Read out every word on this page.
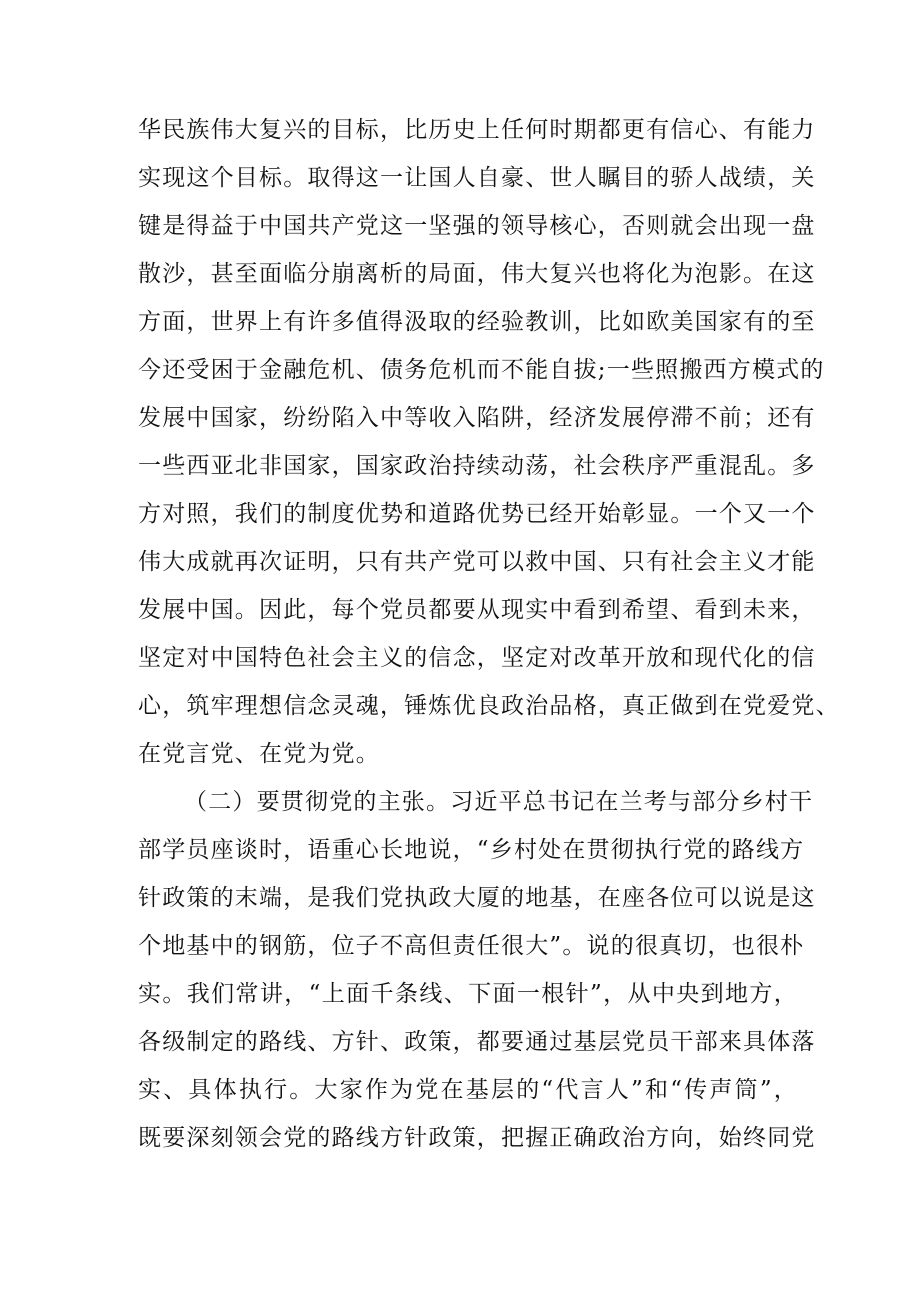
华民族伟大复兴的目标，比历史上任何时期都更有信心、有能力
实现这个目标。取得这一让国人自豪、世人瞩目的骄人战绩，关
键是得益于中国共产党这一坚强的领导核心，否则就会出现一盘
散沙，甚至面临分崩离析的局面，伟大复兴也将化为泡影。在这
方面，世界上有许多值得汲取的经验教训，比如欧美国家有的至
今还受困于金融危机、债务危机而不能自拔;一些照搬西方模式的
发展中国家，纷纷陷入中等收入陷阱，经济发展停滞不前；还有
一些西亚北非国家，国家政治持续动荡，社会秩序严重混乱。多
方对照，我们的制度优势和道路优势已经开始彰显。一个又一个
伟大成就再次证明，只有共产党可以救中国、只有社会主义才能
发展中国。因此，每个党员都要从现实中看到希望、看到未来，
坚定对中国特色社会主义的信念，坚定对改革开放和现代化的信
心，筑牢理想信念灵魂，锤炼优良政治品格，真正做到在党爱党、
在党言党、在党为党。
（二）要贯彻党的主张。习近平总书记在兰考与部分乡村干
部学员座谈时，语重心长地说，“乡村处在贯彻执行党的路线方
针政策的末端，是我们党执政大厦的地基，在座各位可以说是这
个地基中的钢筋，位子不高但责任很大”。说的很真切，也很朴
实。我们常讲，“上面千条线、下面一根针”，从中央到地方，
各级制定的路线、方针、政策，都要通过基层党员干部来具体落
实、具体执行。大家作为党在基层的“代言人”和“传声筒”，
既要深刻领会党的路线方针政策，把握正确政治方向，始终同党
